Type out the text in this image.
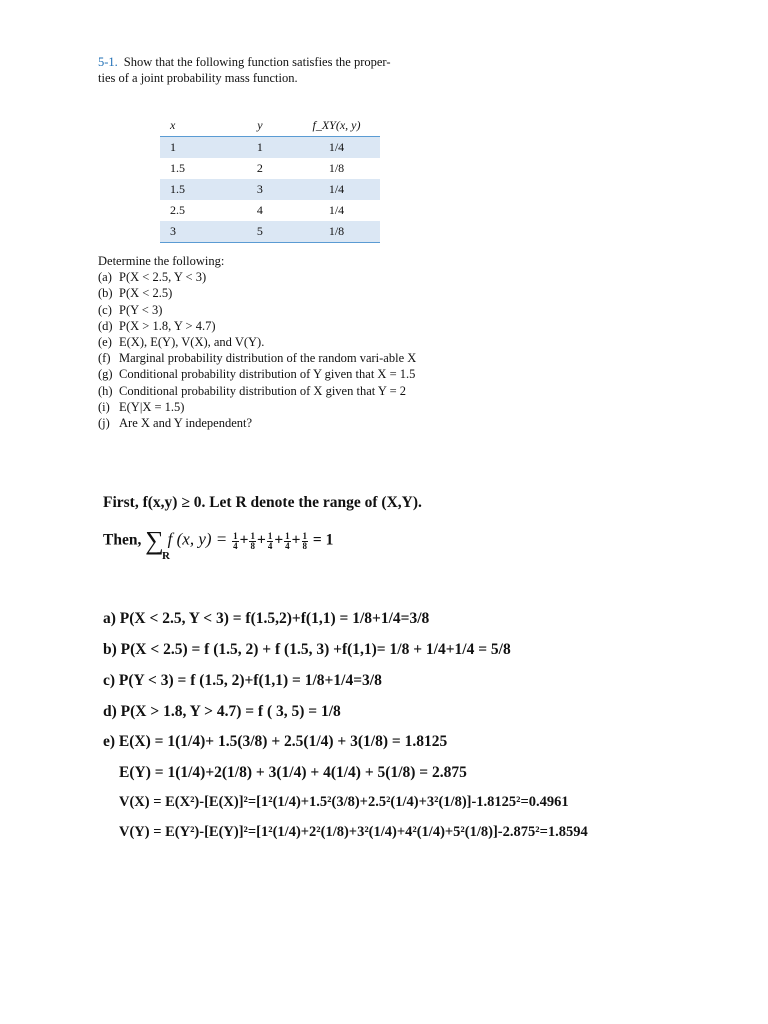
5-1. Show that the following function satisfies the proper-
ties of a joint probability mass function.
x	y	f_XY(x, y)
1	1	1/4
1.5	2	1/8
1.5	3	1/4
2.5	4	1/4
3	5	1/8
Determine the following:
(a) P(X < 2.5, Y < 3)
(b) P(X < 2.5)
(c) P(Y < 3)
(d) P(X > 1.8, Y > 4.7)
(e) E(X), E(Y), V(X), and V(Y).
(f) Marginal probability distribution of the random vari-able X
(g) Conditional probability distribution of Y given that X = 1.5
(h) Conditional probability distribution of X given that Y = 2
(i) E(Y|X = 1.5)
(j) Are X and Y independent?
First, f(x,y) ≥ 0. Let R denote the range of (X,Y).
Then, ∑
R
f (x, $y) = \frac{1}{4} + \frac{1}{8} + \frac{1}{4} + \frac{1}{4} + \frac{1}{8} = 1$
a) P(X < 2.5, Y < 3) = f(1.5,2)+f(1,1) = 1/8+1/4=3/8
b) P(X < 2.5) = f (1.5, 2) + f (1.5, 3) +f(1,1)= 1/8 + 1/4+1/4 = 5/8
c) P(Y < 3) = f (1.5, 2)+f(1,1) = 1/8+1/4=3/8
d) P(X > 1.8, Y > 4.7) = f ( 3, 5) = 1/8
e) E(X) = 1(1/4)+ 1.5(3/8) + 2.5(1/4) + 3(1/8) = 1.8125
E(Y) = 1(1/4)+2(1/8) + 3(1/4) + 4(1/4) + 5(1/8) = 2.875
V(X) = E(X²)-[E(X)]²=[1²(1/4)+1.5²(3/8)+2.5²(1/4)+3²(1/8)]-1.8125²=0.4961
V(Y) = E(Y²)-[E(Y)]²=[1²(1/4)+2²(1/8)+3²(1/4)+4²(1/4)+5²(1/8)]-2.875²=1.8594
